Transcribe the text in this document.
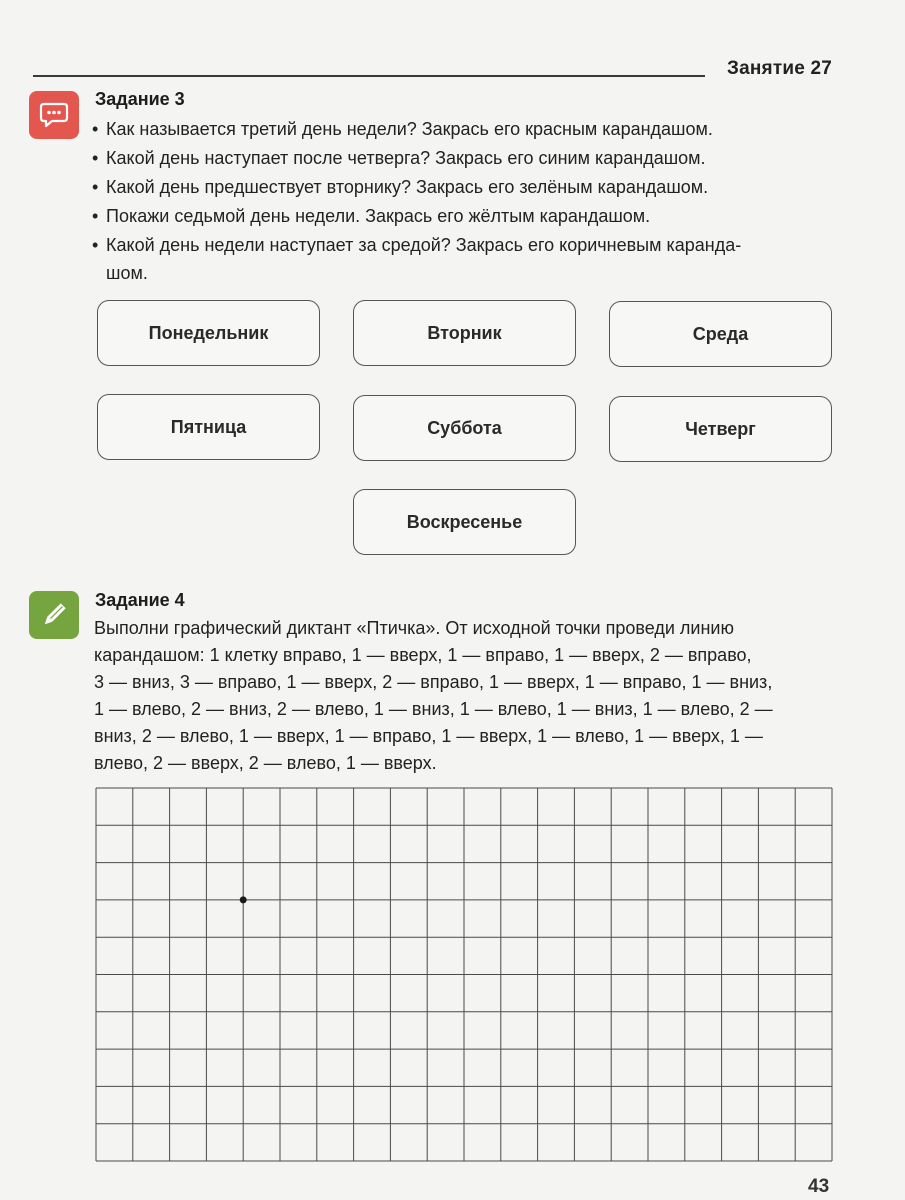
Занятие 27
Задание 3
• Как называется третий день недели? Закрась его красным карандашом.
• Какой день наступает после четверга? Закрась его синим карандашом.
• Какой день предшествует вторнику? Закрась его зелёным карандашом.
• Покажи седьмой день недели. Закрась его жёлтым карандашом.
• Какой день недели наступает за средой? Закрась его коричневым каранда-
шом.
Понедельник	Вторник	Среда
Пятница	Суббота	Четверг
Воскресенье
Задание 4
Выполни графический диктант «Птичка». От исходной точки проведи линию
карандашом: 1 клетку вправо, 1 — вверх, 1 — вправо, 1 — вверх, 2 — вправо,
3 — вниз, 3 — вправо, 1 — вверх, 2 — вправо, 1 — вверх, 1 — вправо, 1 — вниз,
1 — влево, 2 — вниз, 2 — влево, 1 — вниз, 1 — влево, 1 — вниз, 1 — влево, 2 —
вниз, 2 — влево, 1 — вверх, 1 — вправо, 1 — вверх, 1 — влево, 1 — вверх, 1 —
влево, 2 — вверх, 2 — влево, 1 — вверх.
43
